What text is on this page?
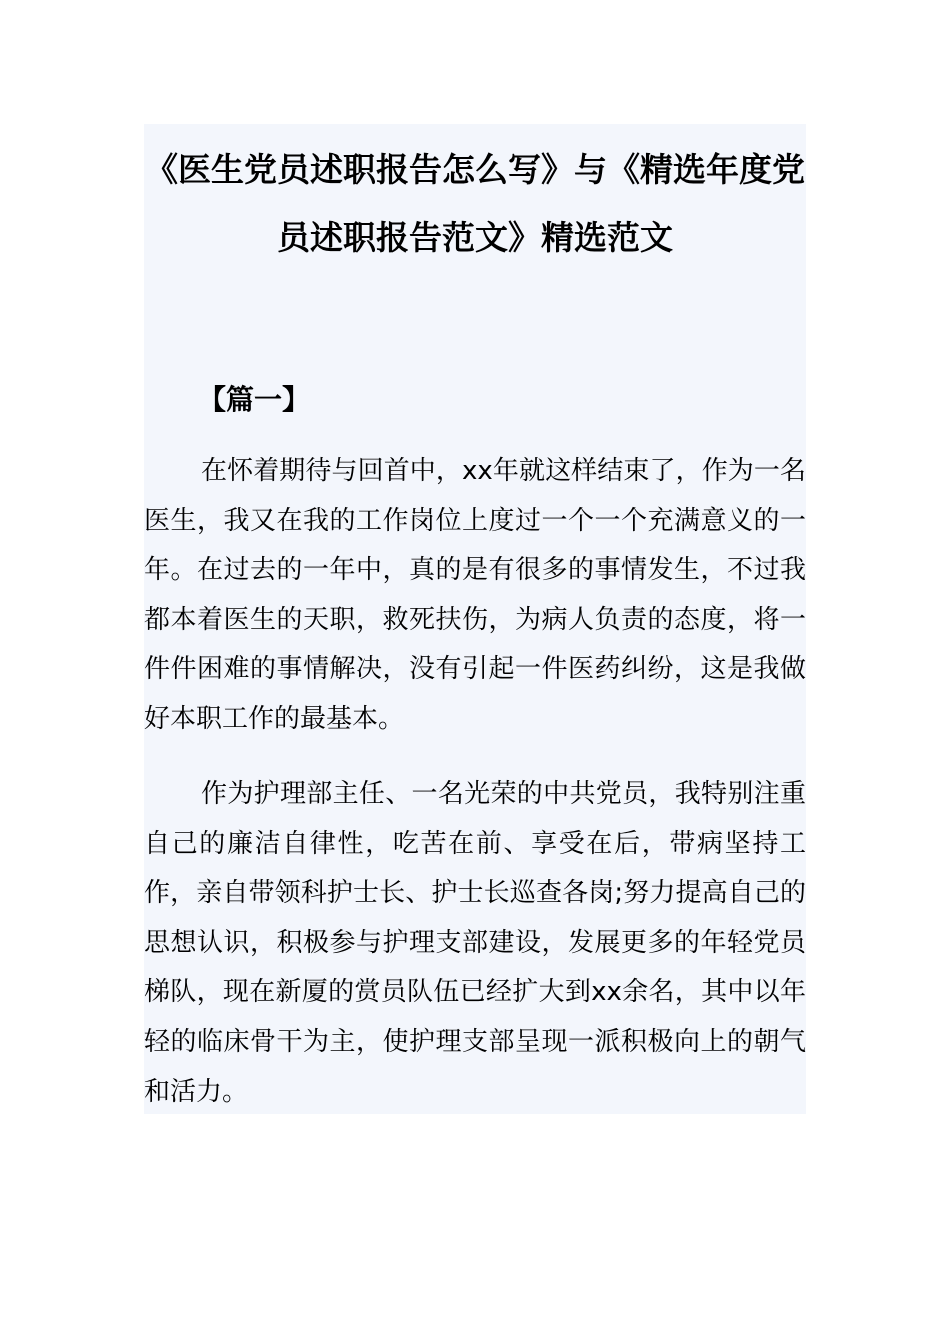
《医生党员述职报告怎么写》与《精选年度党员述职报告范文》精选范文
【篇一】

在怀着期待与回首中，xx年就这样结束了，作为一名医生，我又在我的工作岗位上度过一个一个充满意义的一年。在过去的一年中，真的是有很多的事情发生，不过我都本着医生的天职，救死扶伤，为病人负责的态度，将一件件困难的事情解决，没有引起一件医药纠纷，这是我做好本职工作的最基本。

作为护理部主任、一名光荣的中共党员，我特别注重自己的廉洁自律性，吃苦在前、享受在后，带病坚持工作，亲自带领科护士长、护士长巡查各岗;努力提高自己的思想认识，积极参与护理支部建设，发展更多的年轻党员梯队，现在新厦的赏员队伍已经扩大到xx余名，其中以年轻的临床骨干为主，使护理支部呈现一派积极向上的朝气和活力。
